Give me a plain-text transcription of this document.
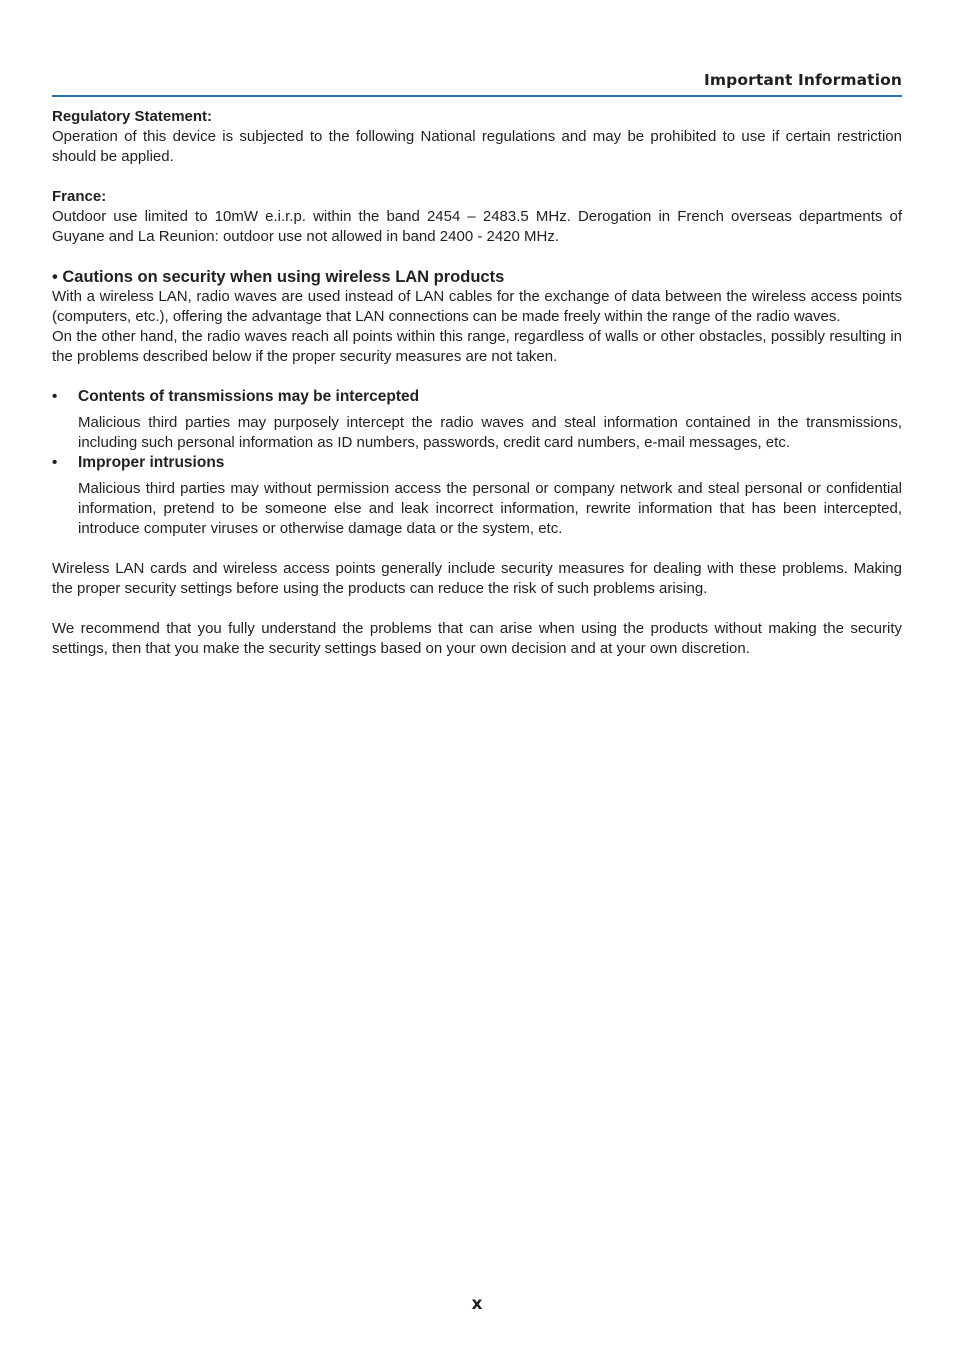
Important Information
Regulatory Statement:

Operation of this device is subjected to the following National regulations and may be prohibited to use if certain restriction should be applied.

France:

Outdoor use limited to 10mW e.i.r.p. within the band 2454 – 2483.5 MHz. Derogation in French overseas departments of Guyane and La Reunion: outdoor use not allowed in band 2400 - 2420 MHz.

• Cautions on security when using wireless LAN products

With a wireless LAN, radio waves are used instead of LAN cables for the exchange of data between the wireless access points (computers, etc.), offering the advantage that LAN connections can be made freely within the range of the radio waves.

On the other hand, the radio waves reach all points within this range, regardless of walls or other obstacles, possibly resulting in the problems described below if the proper security measures are not taken.

• Contents of transmissions may be intercepted
Malicious third parties may purposely intercept the radio waves and steal information contained in the transmissions, including such personal information as ID numbers, passwords, credit card numbers, e-mail messages, etc.
• Improper intrusions
Malicious third parties may without permission access the personal or company network and steal personal or confidential information, pretend to be someone else and leak incorrect information, rewrite information that has been intercepted, introduce computer viruses or otherwise damage data or the system, etc.

Wireless LAN cards and wireless access points generally include security measures for dealing with these problems. Making the proper security settings before using the products can reduce the risk of such problems arising.

We recommend that you fully understand the problems that can arise when using the products without making the security settings, then that you make the security settings based on your own decision and at your own discretion.

x
